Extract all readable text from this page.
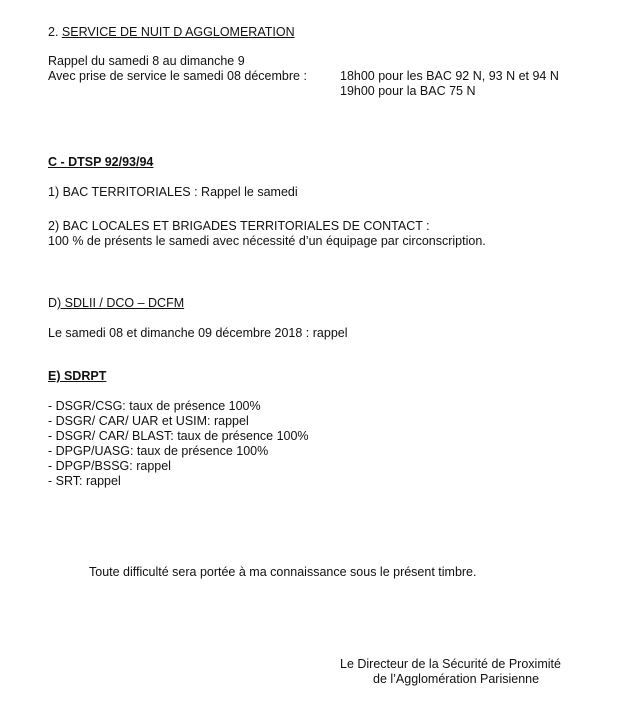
2. SERVICE DE NUIT D AGGLOMERATION
Rappel du samedi 8 au dimanche 9
Avec prise de service le samedi 08 décembre :	18h00 pour les BAC 92 N, 93 N et 94 N
19h00 pour la BAC 75 N
C - DTSP 92/93/94
1) BAC TERRITORIALES : Rappel le samedi
2) BAC LOCALES ET BRIGADES TERRITORIALES DE CONTACT :
100 % de présents le samedi avec nécessité d’un équipage par circonscription.
D) SDLII / DCO – DCFM
Le samedi 08 et dimanche 09 décembre 2018 : rappel
E) SDRPT
- DSGR/CSG: taux de présence 100%
- DSGR/ CAR/ UAR et USIM: rappel
- DSGR/ CAR/ BLAST: taux de présence 100%
- DPGP/UASG: taux de présence 100%
- DPGP/BSSG: rappel
- SRT: rappel
Toute difficulté sera portée à ma connaissance sous le présent timbre.
Le Directeur de la Sécurité de Proximité
de l’Agglomération Parisienne
